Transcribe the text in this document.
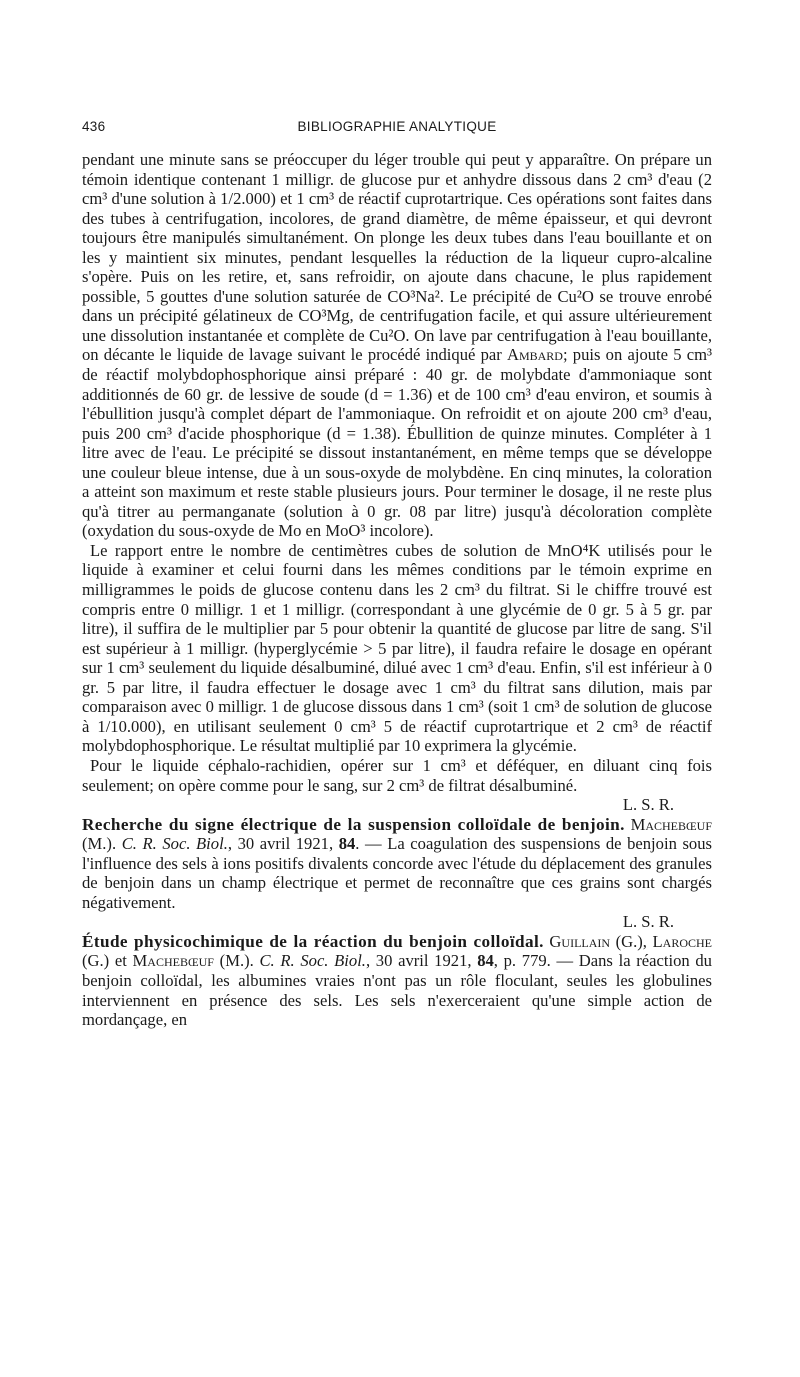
436	BIBLIOGRAPHIE ANALYTIQUE

pendant une minute sans se préoccuper du léger trouble qui peut y apparaître. On prépare un témoin identique contenant 1 milligr. de glucose pur et anhydre dissous dans 2 cm³ d'eau (2 cm³ d'une solution à 1/2.000) et 1 cm³ de réactif cuprotartrique. Ces opérations sont faites dans des tubes à centrifugation, incolores, de grand diamètre, de même épaisseur, et qui devront toujours être manipulés simultanément. On plonge les deux tubes dans l'eau bouillante et on les y maintient six minutes, pendant lesquelles la réduction de la liqueur cupro-alcaline s'opère. Puis on les retire, et, sans refroidir, on ajoute dans chacune, le plus rapidement possible, 5 gouttes d'une solution saturée de CO³Na². Le précipité de Cu²O se trouve enrobé dans un précipité gélatineux de CO³Mg, de centrifugation facile, et qui assure ultérieurement une dissolution instantanée et complète de Cu²O. On lave par centrifugation à l'eau bouillante, on décante le liquide de lavage suivant le procédé indiqué par Ambard; puis on ajoute 5 cm³ de réactif molybdophosphorique ainsi préparé : 40 gr. de molybdate d'ammoniaque sont additionnés de 60 gr. de lessive de soude (d = 1.36) et de 100 cm³ d'eau environ, et soumis à l'ébullition jusqu'à complet départ de l'ammoniaque. On refroidit et on ajoute 200 cm³ d'eau, puis 200 cm³ d'acide phosphorique (d = 1.38). Ébullition de quinze minutes. Compléter à 1 litre avec de l'eau. Le précipité se dissout instantanément, en même temps que se développe une couleur bleue intense, due à un sous-oxyde de molybdène. En cinq minutes, la coloration a atteint son maximum et reste stable plusieurs jours. Pour terminer le dosage, il ne reste plus qu'à titrer au permanganate (solution à 0 gr. 08 par litre) jusqu'à décoloration complète (oxydation du sous-oxyde de Mo en MoO³ incolore).

Le rapport entre le nombre de centimètres cubes de solution de MnO⁴K utilisés pour le liquide à examiner et celui fourni dans les mêmes conditions par le témoin exprime en milligrammes le poids de glucose contenu dans les 2 cm³ du filtrat. Si le chiffre trouvé est compris entre 0 milligr. 1 et 1 milligr. (correspondant à une glycémie de 0 gr. 5 à 5 gr. par litre), il suffira de le multiplier par 5 pour obtenir la quantité de glucose par litre de sang. S'il est supérieur à 1 milligr. (hyperglycémie > 5 par litre), il faudra refaire le dosage en opérant sur 1 cm³ seulement du liquide désalbuminé, dilué avec 1 cm³ d'eau. Enfin, s'il est inférieur à 0 gr. 5 par litre, il faudra effectuer le dosage avec 1 cm³ du filtrat sans dilution, mais par comparaison avec 0 milligr. 1 de glucose dissous dans 1 cm³ (soit 1 cm³ de solution de glucose à 1/10.000), en utilisant seulement 0 cm³ 5 de réactif cuprotartrique et 2 cm³ de réactif molybdophosphorique. Le résultat multiplié par 10 exprimera la glycémie.

Pour le liquide céphalo-rachidien, opérer sur 1 cm³ et déféquer, en diluant cinq fois seulement; on opère comme pour le sang, sur 2 cm³ de filtrat désalbuminé.

L. S. R.

Recherche du signe électrique de la suspension colloïdale de benjoin. Machebœuf (M.). C. R. Soc. Biol., 30 avril 1921, 84. — La coagulation des suspensions de benjoin sous l'influence des sels à ions positifs divalents concorde avec l'étude du déplacement des granules de benjoin dans un champ électrique et permet de reconnaître que ces grains sont chargés négativement.

L. S. R.

Étude physicochimique de la réaction du benjoin colloïdal. Guillain (G.), Laroche (G.) et Machebœuf (M.). C. R. Soc. Biol., 30 avril 1921, 84, p. 779. — Dans la réaction du benjoin colloïdal, les albumines vraies n'ont pas un rôle floculant, seules les globulines interviennent en présence des sels. Les sels n'exerceraient qu'une simple action de mordançage, en
